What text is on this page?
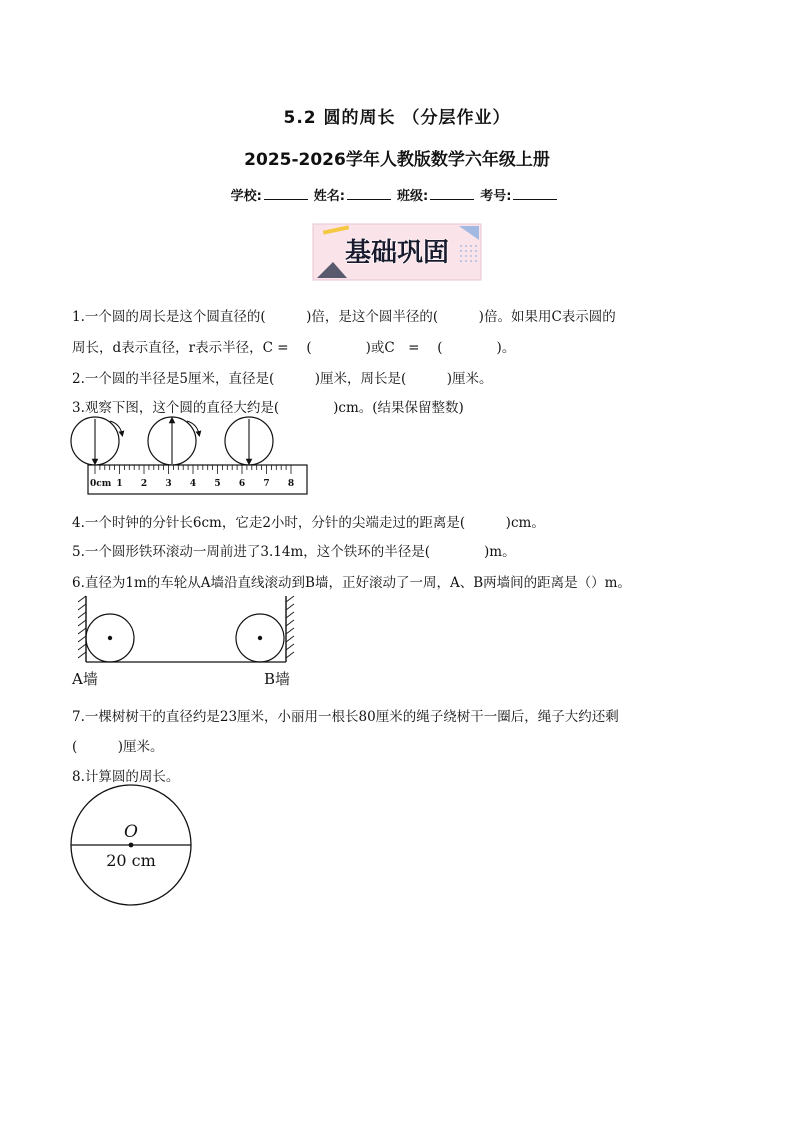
5.2 圆的周长 （分层作业）
2025-2026学年人教版数学六年级上册
学校:	姓名:	班级:	考号:
基础巩固
1.一个圆的周长是这个圆直径的(　　　)倍，是这个圆半径的(　　　)倍。如果用C表示圆的
周长，d表示直径，r表示半径，C = 　(　　　　)或C　= 　(　　　　)。
2.一个圆的半径是5厘米，直径是(　　　)厘米，周长是(　　　)厘米。
3.观察下图，这个圆的直径大约是(　　　　)cm。(结果保留整数)
0cm 1 2 3 4 5 6 7 8
4.一个时钟的分针长6cm，它走2小时，分针的尖端走过的距离是(　　　)cm。
5.一个圆形铁环滚动一周前进了3.14m，这个铁环的半径是(　　　　)m。
6.直径为1m的车轮从A墙沿直线滚动到B墙，正好滚动了一周，A、B两墙间的距离是（）m。
A墙	B墙
7.一棵树树干的直径约是23厘米，小丽用一根长80厘米的绳子绕树干一圈后，绳子大约还剩
(　　　)厘米。
8.计算圆的周长。
O
20 cm
